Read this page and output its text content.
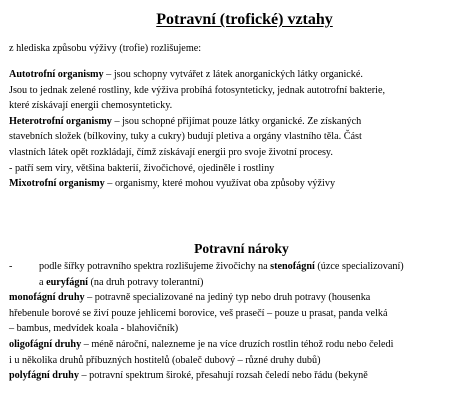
Potravní (trofické) vztahy
z hlediska způsobu výživy (trofie) rozlišujeme:

Autotrofní organismy – jsou schopny vytvářet z látek anorganických látky organické.
Jsou to jednak zelené rostliny, kde výživa probíhá fotosynteticky, jednak autotrofní bakterie,
které získávají energii chemosynteticky.

Heterotrofní organismy – jsou schopné přijímat pouze látky organické. Ze získaných
stavebních složek (bílkoviny, tuky a cukry) budují pletiva a orgány vlastního těla. Část
vlastních látek opět rozkládají, čímž získávají energii pro svoje životní procesy.
- patří sem viry, většina bakterií, živočichové, ojediněle i rostliny

Mixotrofní organismy – organismy, které mohou využívat oba způsoby výživy

Potravní nároky
-	podle šířky potravního spektra rozlišujeme živočichy na stenofágní (úzce specializovaní)
a euryfágní (na druh potravy tolerantní)

monofágní druhy – potravně specializované na jediný typ nebo druh potravy (housenka
hřebenule borové se živí pouze jehlicemi borovice, veš prasečí – pouze u prasat, panda velká
– bambus, medvídek koala - blahovičník)

oligofágní druhy – méně nároční, nalezneme je na více druzích rostlin téhož rodu nebo čeledi
i u několika druhů příbuzných hostitelů (obaleč dubový – různé druhy dubů)

polyfágní druhy – potravní spektrum široké, přesahují rozsah čeledí nebo řádu (bekyně
